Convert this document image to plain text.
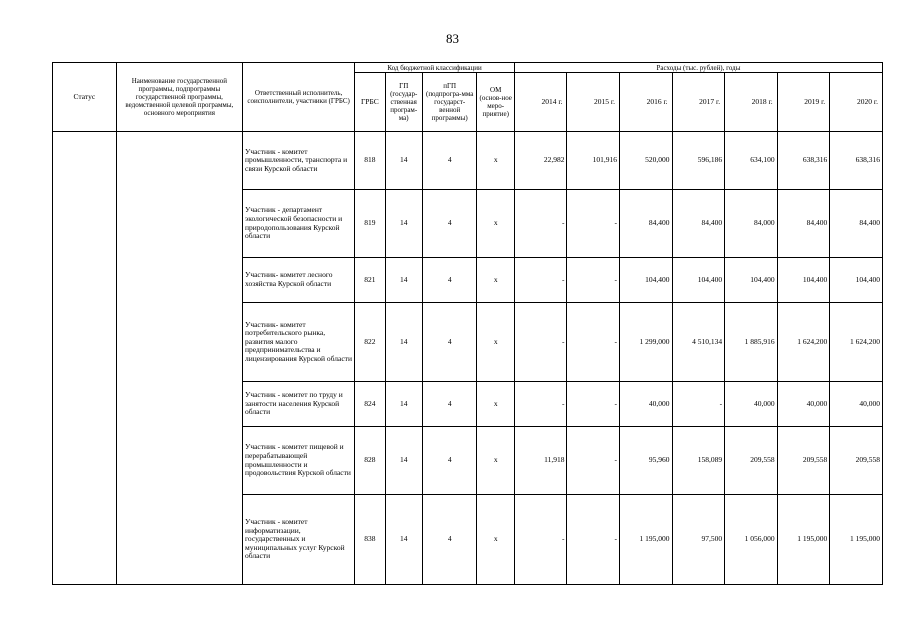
83
Статус	Наименование государственной программы, подпрограммы государственной программы, ведомственной целевой программы, основного мероприятия	Ответственный исполнитель, соисполнители, участники (ГРБС)	Код бюджетной классификации				Расходы (тыс. рублей), годы						
			ГРБС	ГП (государ-ственная програм-ма)	пГП (подпрогра-мма государст-венной программы)	ОМ (основ-ное меро-приятие)	2014 г.	2015 г.	2016 г.	2017 г.	2018 г.	2019 г.	2020 г.
		Участник - комитет промышленности, транспорта и связи Курской области	818	14	4	x	22,982	101,916	520,000	596,186	634,100	638,316	638,316
		Участник - департамент экологической безопасности и природопользования Курской области	819	14	4	x	-	-	84,400	84,400	84,000	84,400	84,400
		Участник- комитет лесного хозяйства Курской области	821	14	4	x	-	-	104,400	104,400	104,400	104,400	104,400
		Участник- комитет потребительского рынка, развития малого предпринимательства и лицензирования Курской области	822	14	4	x	-	-	1 299,000	4 510,134	1 885,916	1 624,200	1 624,200
		Участник - комитет по труду и занятости населения Курской области	824	14	4	x	-	-	40,000	-	40,000	40,000	40,000
		Участник - комитет пищевой и перерабатывающей промышленности и продовольствия Курской области	828	14	4	x	11,918	-	95,960	158,089	209,558	209,558	209,558
		Участник - комитет информатизации, государственных и муниципальных услуг Курской области	838	14	4	x	-	-	1 195,000	97,500	1 056,000	1 195,000	1 195,000
